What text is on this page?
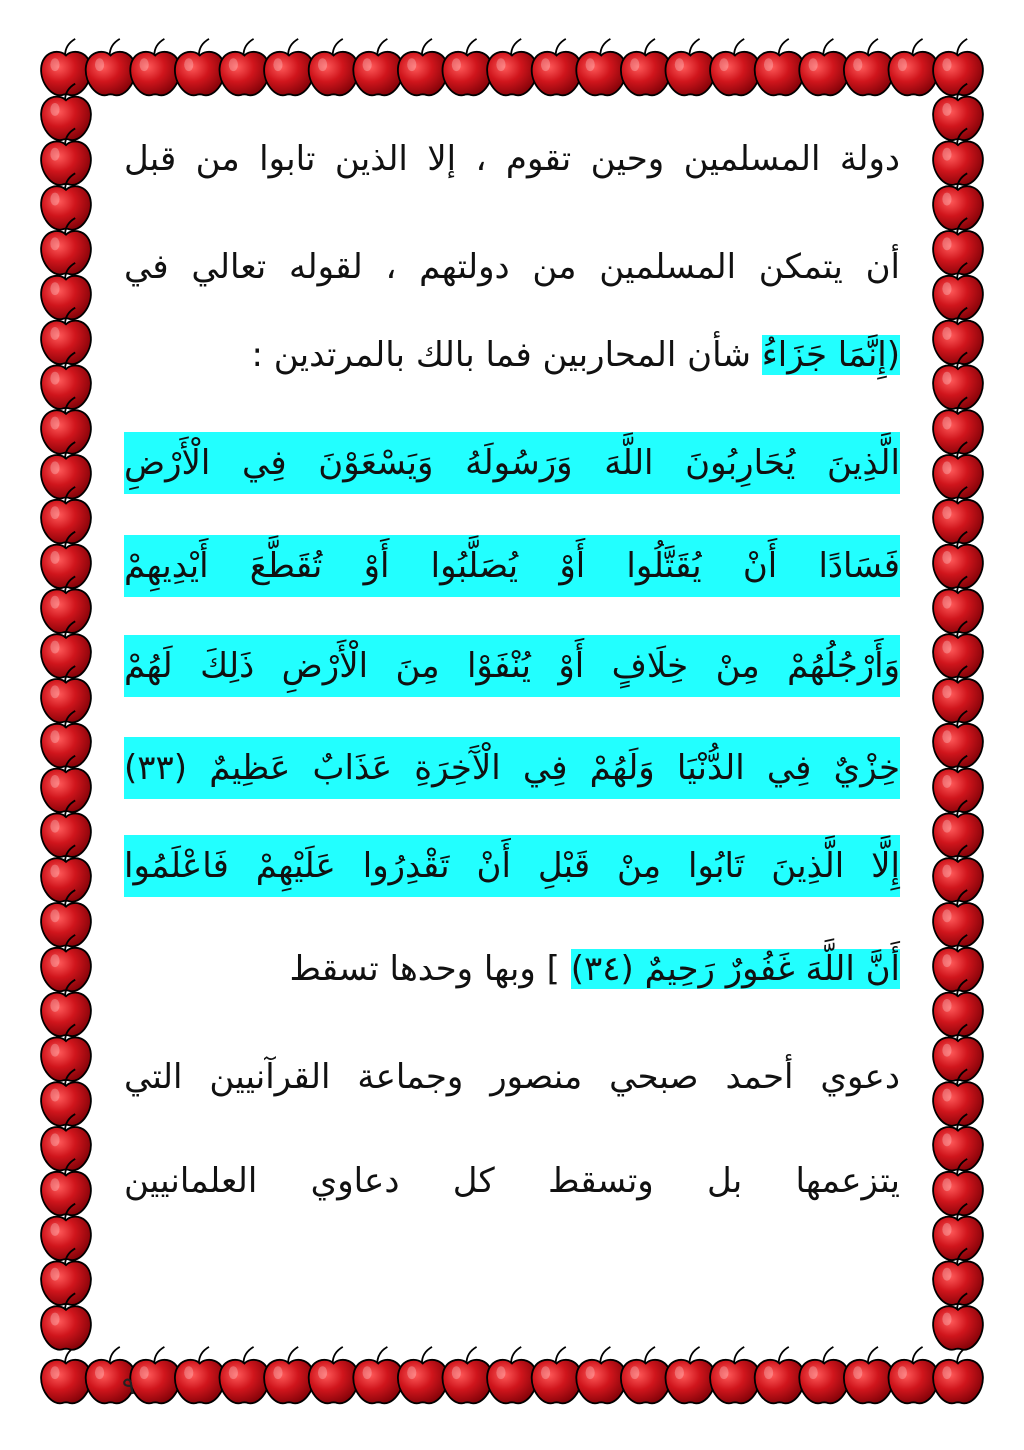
دولة المسلمين وحين تقوم ، إلا الذين تابوا من قبل
أن يتمكن المسلمين من دولتهم ، لقوله تعالي في
(إِنَّمَا جَزَاءُ شأن المحاربين فما بالك بالمرتدين :
الَّذِينَ يُحَارِبُونَ اللَّهَ وَرَسُولَهُ وَيَسْعَوْنَ فِي الْأَرْضِ
فَسَادًا أَنْ يُقَتَّلُوا أَوْ يُصَلَّبُوا أَوْ تُقَطَّعَ أَيْدِيهِمْ
وَأَرْجُلُهُمْ مِنْ خِلَافٍ أَوْ يُنْفَوْا مِنَ الْأَرْضِ ذَلِكَ لَهُمْ
خِزْيٌ فِي الدُّنْيَا وَلَهُمْ فِي الْآَخِرَةِ عَذَابٌ عَظِيمٌ (٣٣)
إِلَّا الَّذِينَ تَابُوا مِنْ قَبْلِ أَنْ تَقْدِرُوا عَلَيْهِمْ فَاعْلَمُوا
أَنَّ اللَّهَ غَفُورٌ رَحِيمٌ (٣٤) ] وبها وحدها تسقط
دعوي أحمد صبحي منصور وجماعة القرآنيين التي
يتزعمها بل وتسقط كل دعاوي العلمانيين
٩
